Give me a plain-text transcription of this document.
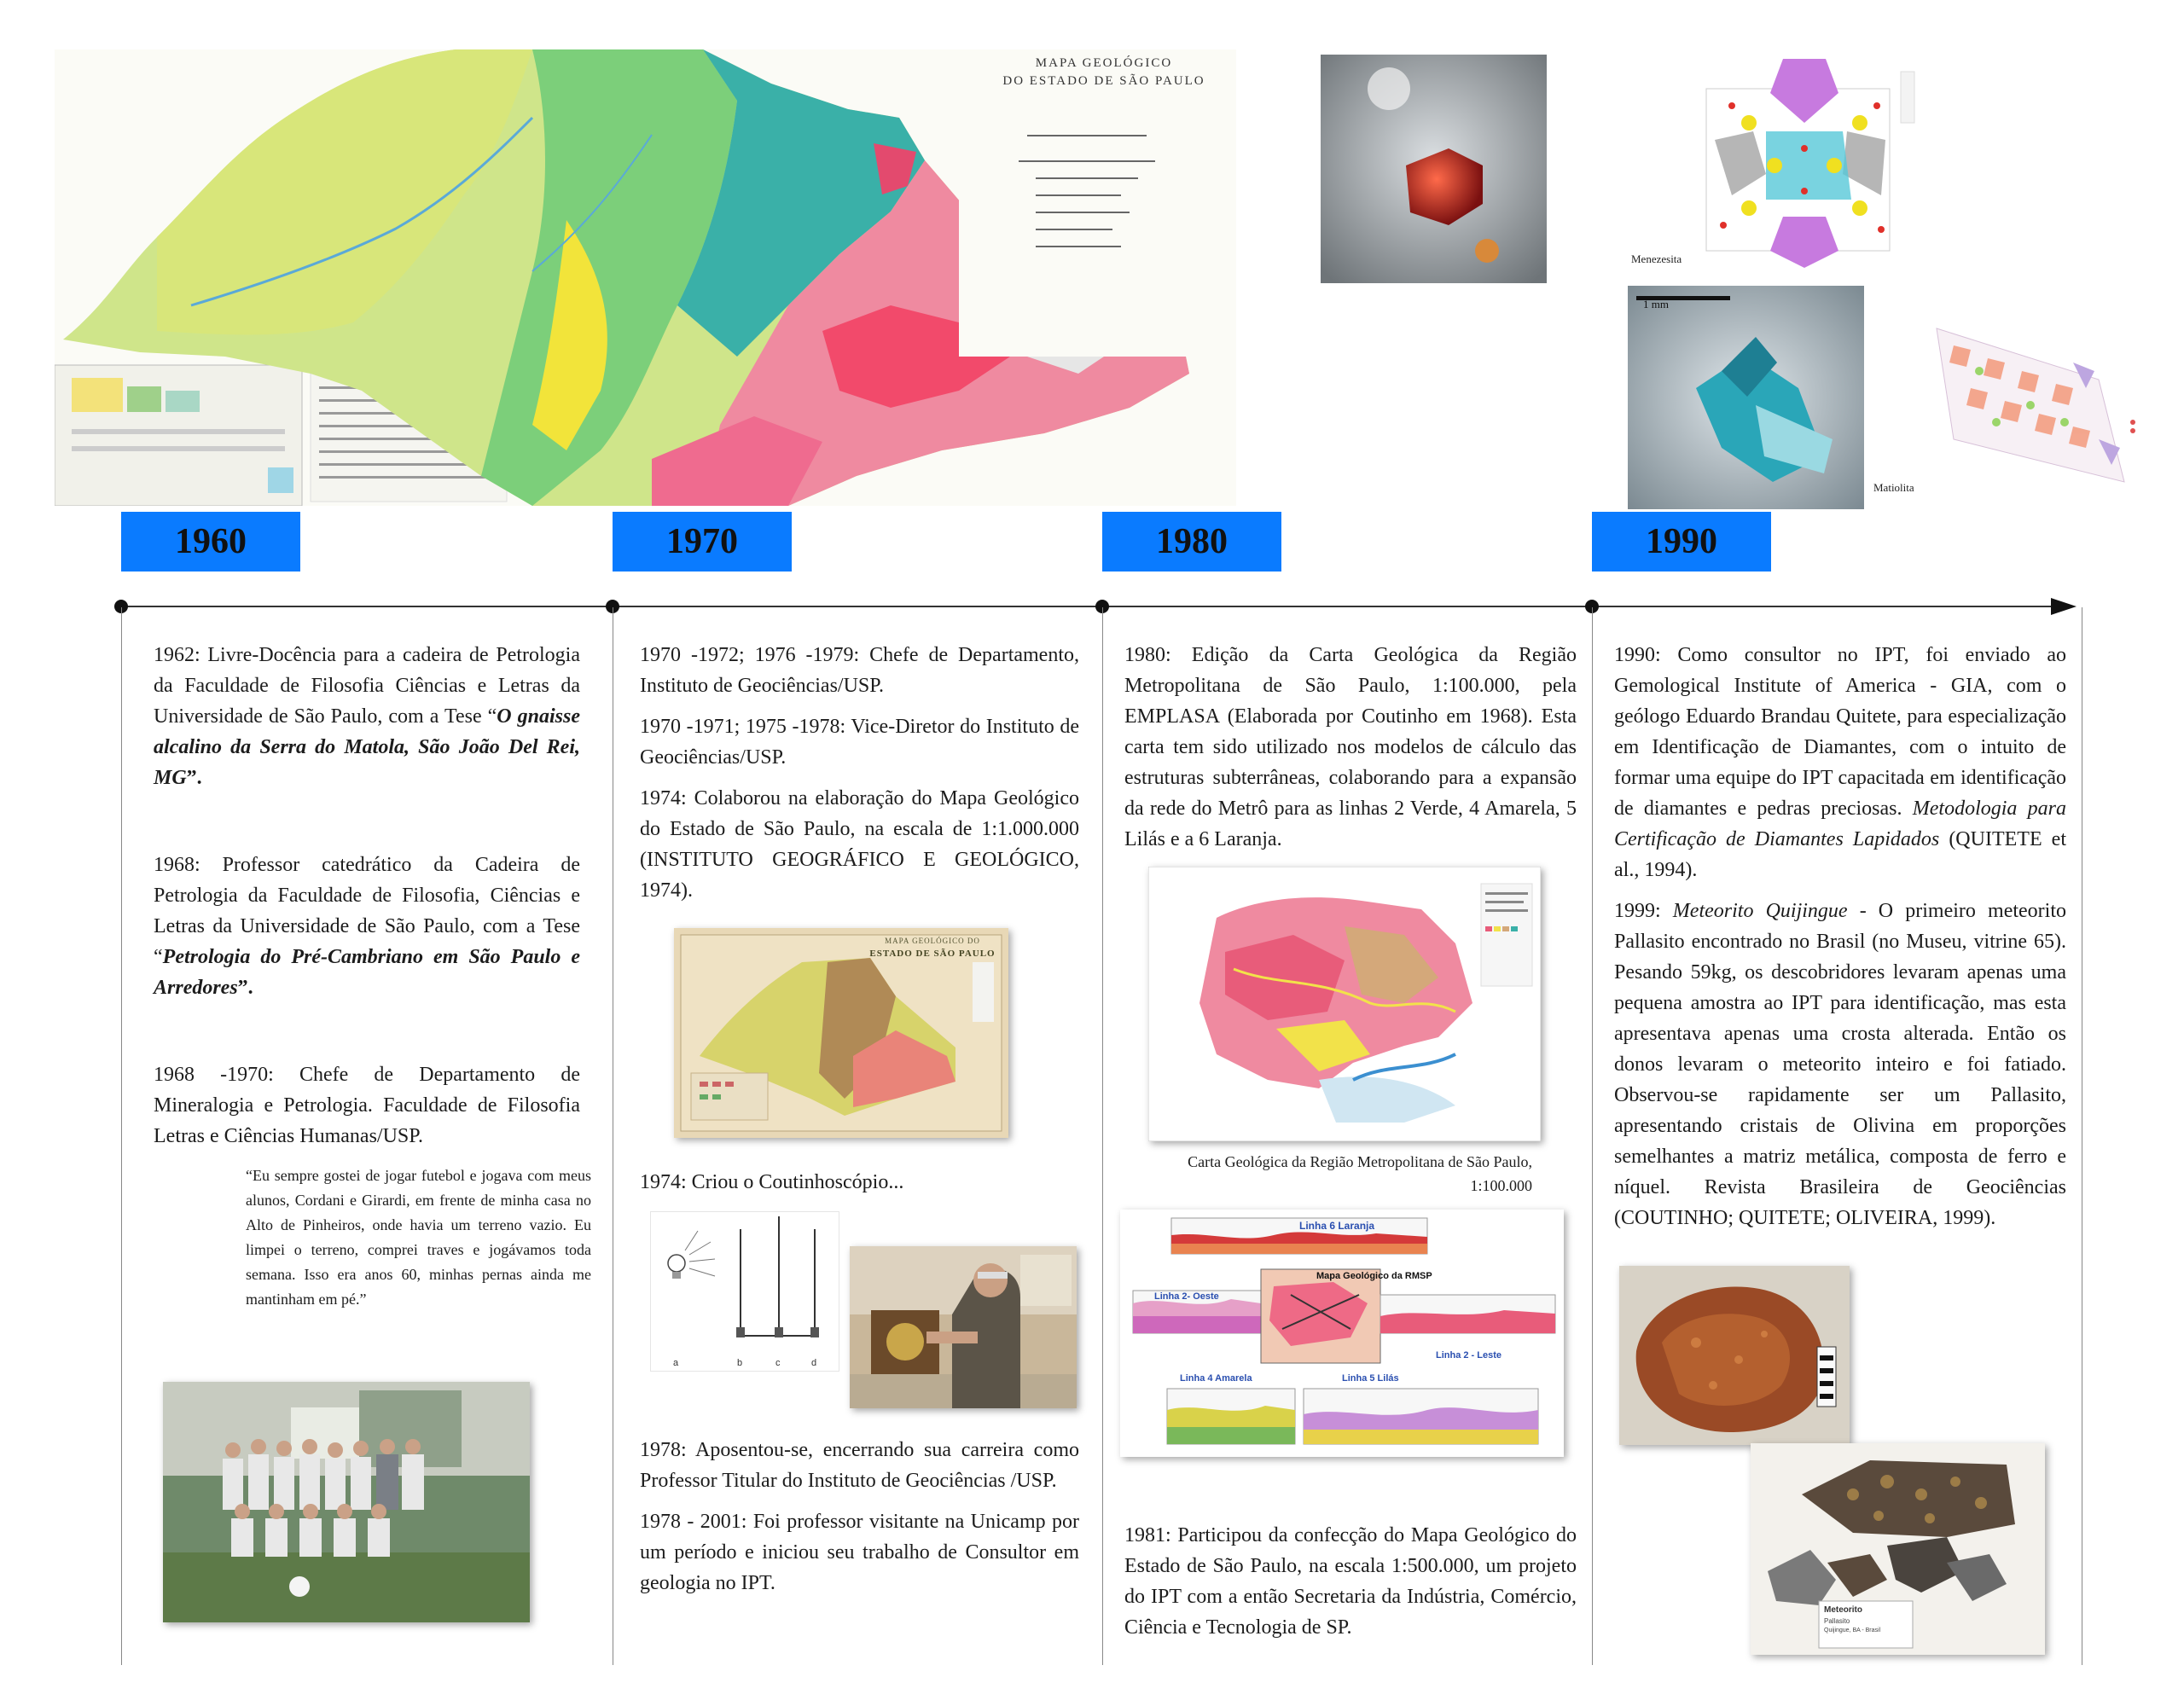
MAPA GEOLÓGICO
DO ESTADO DE SÃO PAULO
Menezesita
1 mm
Matiolita
1960	1970	1980	1990

1962: Livre-Docência para a cadeira de Petrologia da Faculdade de Filosofia Ciências e Letras da Universidade de São Paulo, com a Tese “O gnaisse alcalino da Serra do Matola, São João Del Rei, MG”.

1968: Professor catedrático da Cadeira de Petrologia da Faculdade de Filosofia, Ciências e Letras da Universidade de São Paulo, com a Tese “Petrologia do Pré-Cambriano em São Paulo e Arredores”.

1968 -1970: Chefe de Departamento de Mineralogia e Petrologia. Faculdade de Filosofia Letras e Ciências Humanas/USP.

“Eu sempre gostei de jogar futebol e jogava com meus alunos, Cordani e Girardi, em frente de minha casa no Alto de Pinheiros, onde havia um terreno vazio. Eu limpei o terreno, comprei traves e jogávamos toda semana. Isso era anos 60, minhas pernas ainda me mantinham em pé.”

1970 -1972; 1976 -1979: Chefe de Departamento, Instituto de Geociências/USP.

1970 -1971; 1975 -1978: Vice-Diretor do Instituto de Geociências/USP.

1974: Colaborou na elaboração do Mapa Geológico do Estado de São Paulo, na escala de 1:1.000.000 (INSTITUTO GEOGRÁFICO E GEOLÓGICO, 1974).

MAPA GEOLÓGICO DO
ESTADO DE SÃO PAULO

1974: Criou o Coutinhoscópio...

a	b	c	d

1978: Aposentou-se, encerrando sua carreira como Professor Titular do Instituto de Geociências /USP.

1978 - 2001: Foi professor visitante na Unicamp por um período e iniciou seu trabalho de Consultor em geologia no IPT.

1980: Edição da Carta Geológica da Região Metropolitana de São Paulo, 1:100.000, pela EMPLASA (Elaborada por Coutinho em 1968). Esta carta tem sido utilizado nos modelos de cálculo das estruturas subterrâneas, colaborando para a expansão da rede do Metrô para as linhas 2 Verde, 4 Amarela, 5 Lilás e a 6 Laranja.

Carta Geológica da Região Metropolitana de São Paulo, 1:100.000
Linha 6 Laranja
Mapa Geológico da RMSP
Linha 2- Oeste
Linha 2 - Leste
Linha 4 Amarela	Linha 5 Lilás

1981: Participou da confecção do Mapa Geológico do Estado de São Paulo, na escala 1:500.000, um projeto do IPT com a então Secretaria da Indústria, Comércio, Ciência e Tecnologia de SP.

1990: Como consultor no IPT, foi enviado ao Gemological Institute of America - GIA, com o geólogo Eduardo Brandau Quitete, para especialização em Identificação de Diamantes, com o intuito de formar uma equipe do IPT capacitada em identificação de diamantes e pedras preciosas. Metodologia para Certificação de Diamantes Lapidados (QUITETE et al., 1994).

1999: Meteorito Quijingue - O primeiro meteorito Pallasito encontrado no Brasil (no Museu, vitrine 65). Pesando 59kg, os descobridores levaram apenas uma pequena amostra ao IPT para identificação, mas esta apresentava apenas uma crosta alterada. Então os donos levaram o meteorito inteiro e foi fatiado. Observou-se rapidamente ser um Pallasito, apresentando cristais de Olivina em proporções semelhantes a matriz metálica, composta de ferro e níquel. Revista Brasileira de Geociências (COUTINHO; QUITETE; OLIVEIRA, 1999).

Meteorito
Pallasito
Quijingue, BA - Brasil
